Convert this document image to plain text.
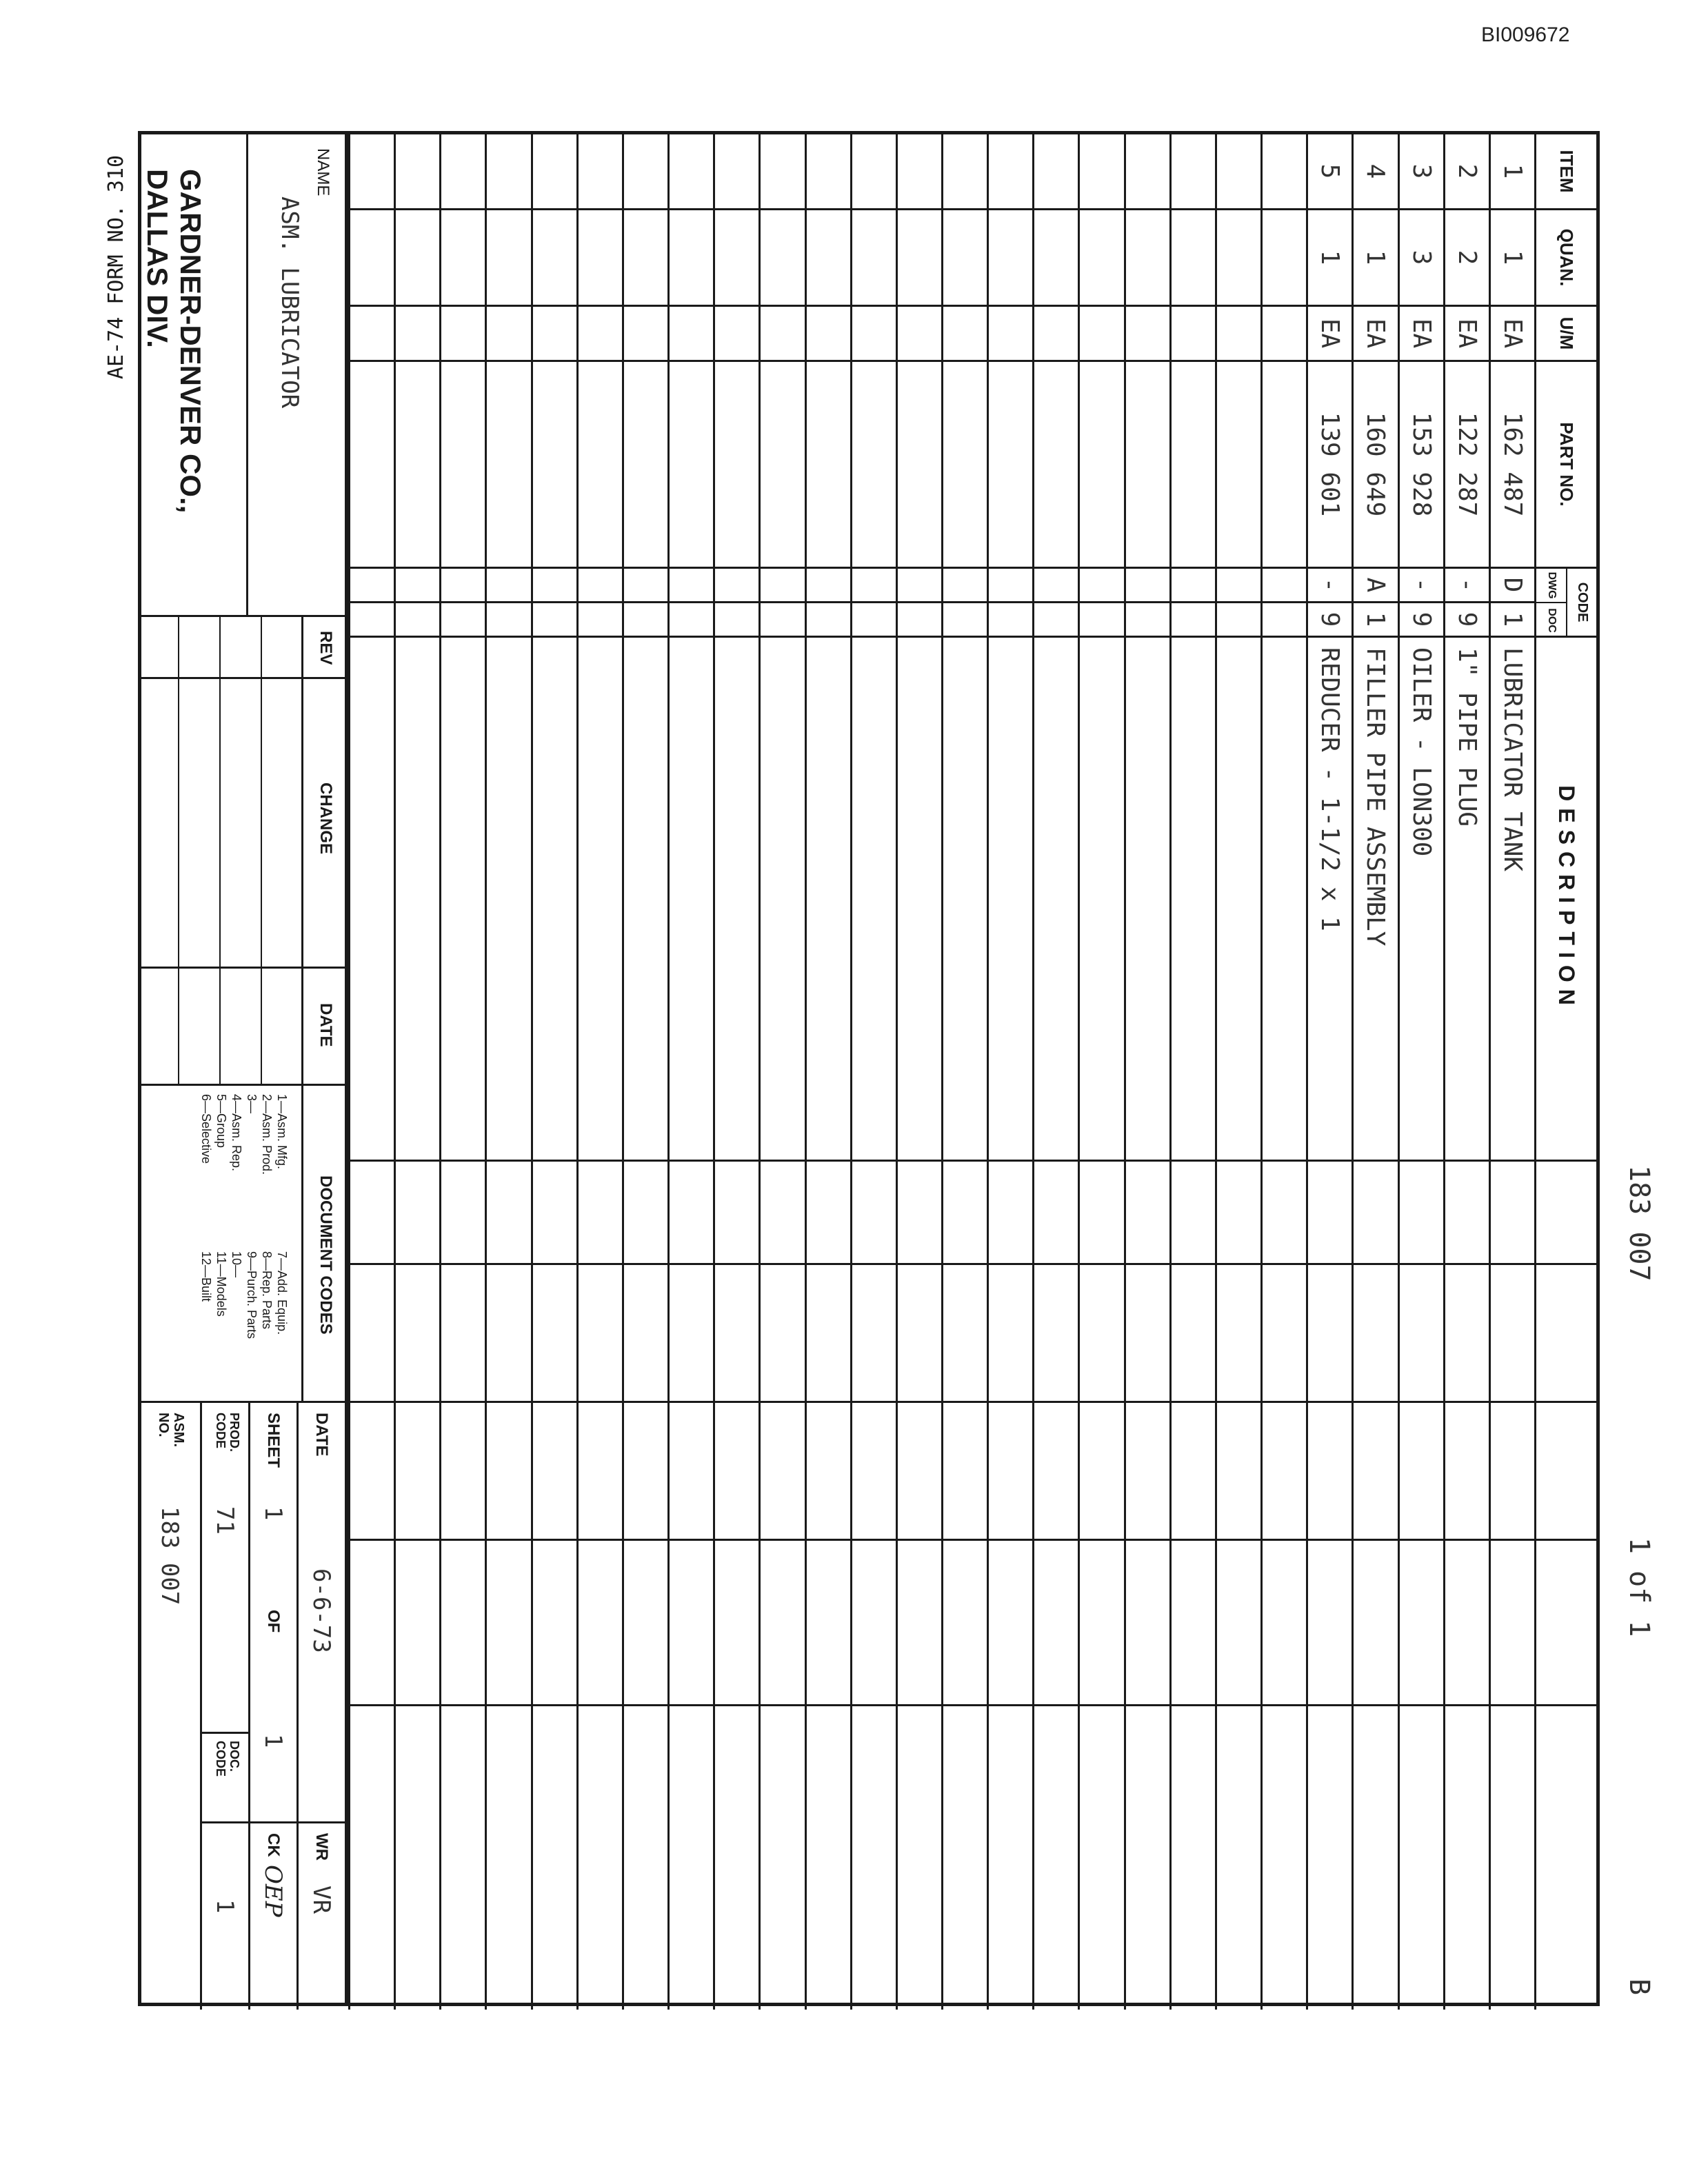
BI009672
183 007
1 of 1
B
ITEM
QUAN.
U/M
PART NO.
CODE
DWG
DOC
DESCRIPTION
1
1
EA
162 487
D
1
LUBRICATOR TANK
2
2
EA
122 287
-
9
1" PIPE PLUG
3
3
EA
153 928
-
9
OILER - LON300
4
1
EA
160 649
A
1
FILLER PIPE ASSEMBLY
5
1
EA
139 601
-
9
REDUCER - 1-1/2 x 1
NAME
ASM. LUBRICATOR
GARDNER-DENVER CO., DALLAS DIV.
REV
CHANGE
DATE
DOCUMENT CODES
1—Asm. Mfg.
2—Asm. Prod.
3—
4—Asm. Rep.
5—Group
6—Selective
7—Add. Equip.
8—Rep. Parts
9—Purch. Parts
10—
11—Models
12—Built
DATE
6-6-73
WR
VR
SHEET
1
OF
1
CK
OEP
PROD. CODE
71
DOC. CODE
1
ASM. NO.
183 007
AE-74 FORM NO. 310
